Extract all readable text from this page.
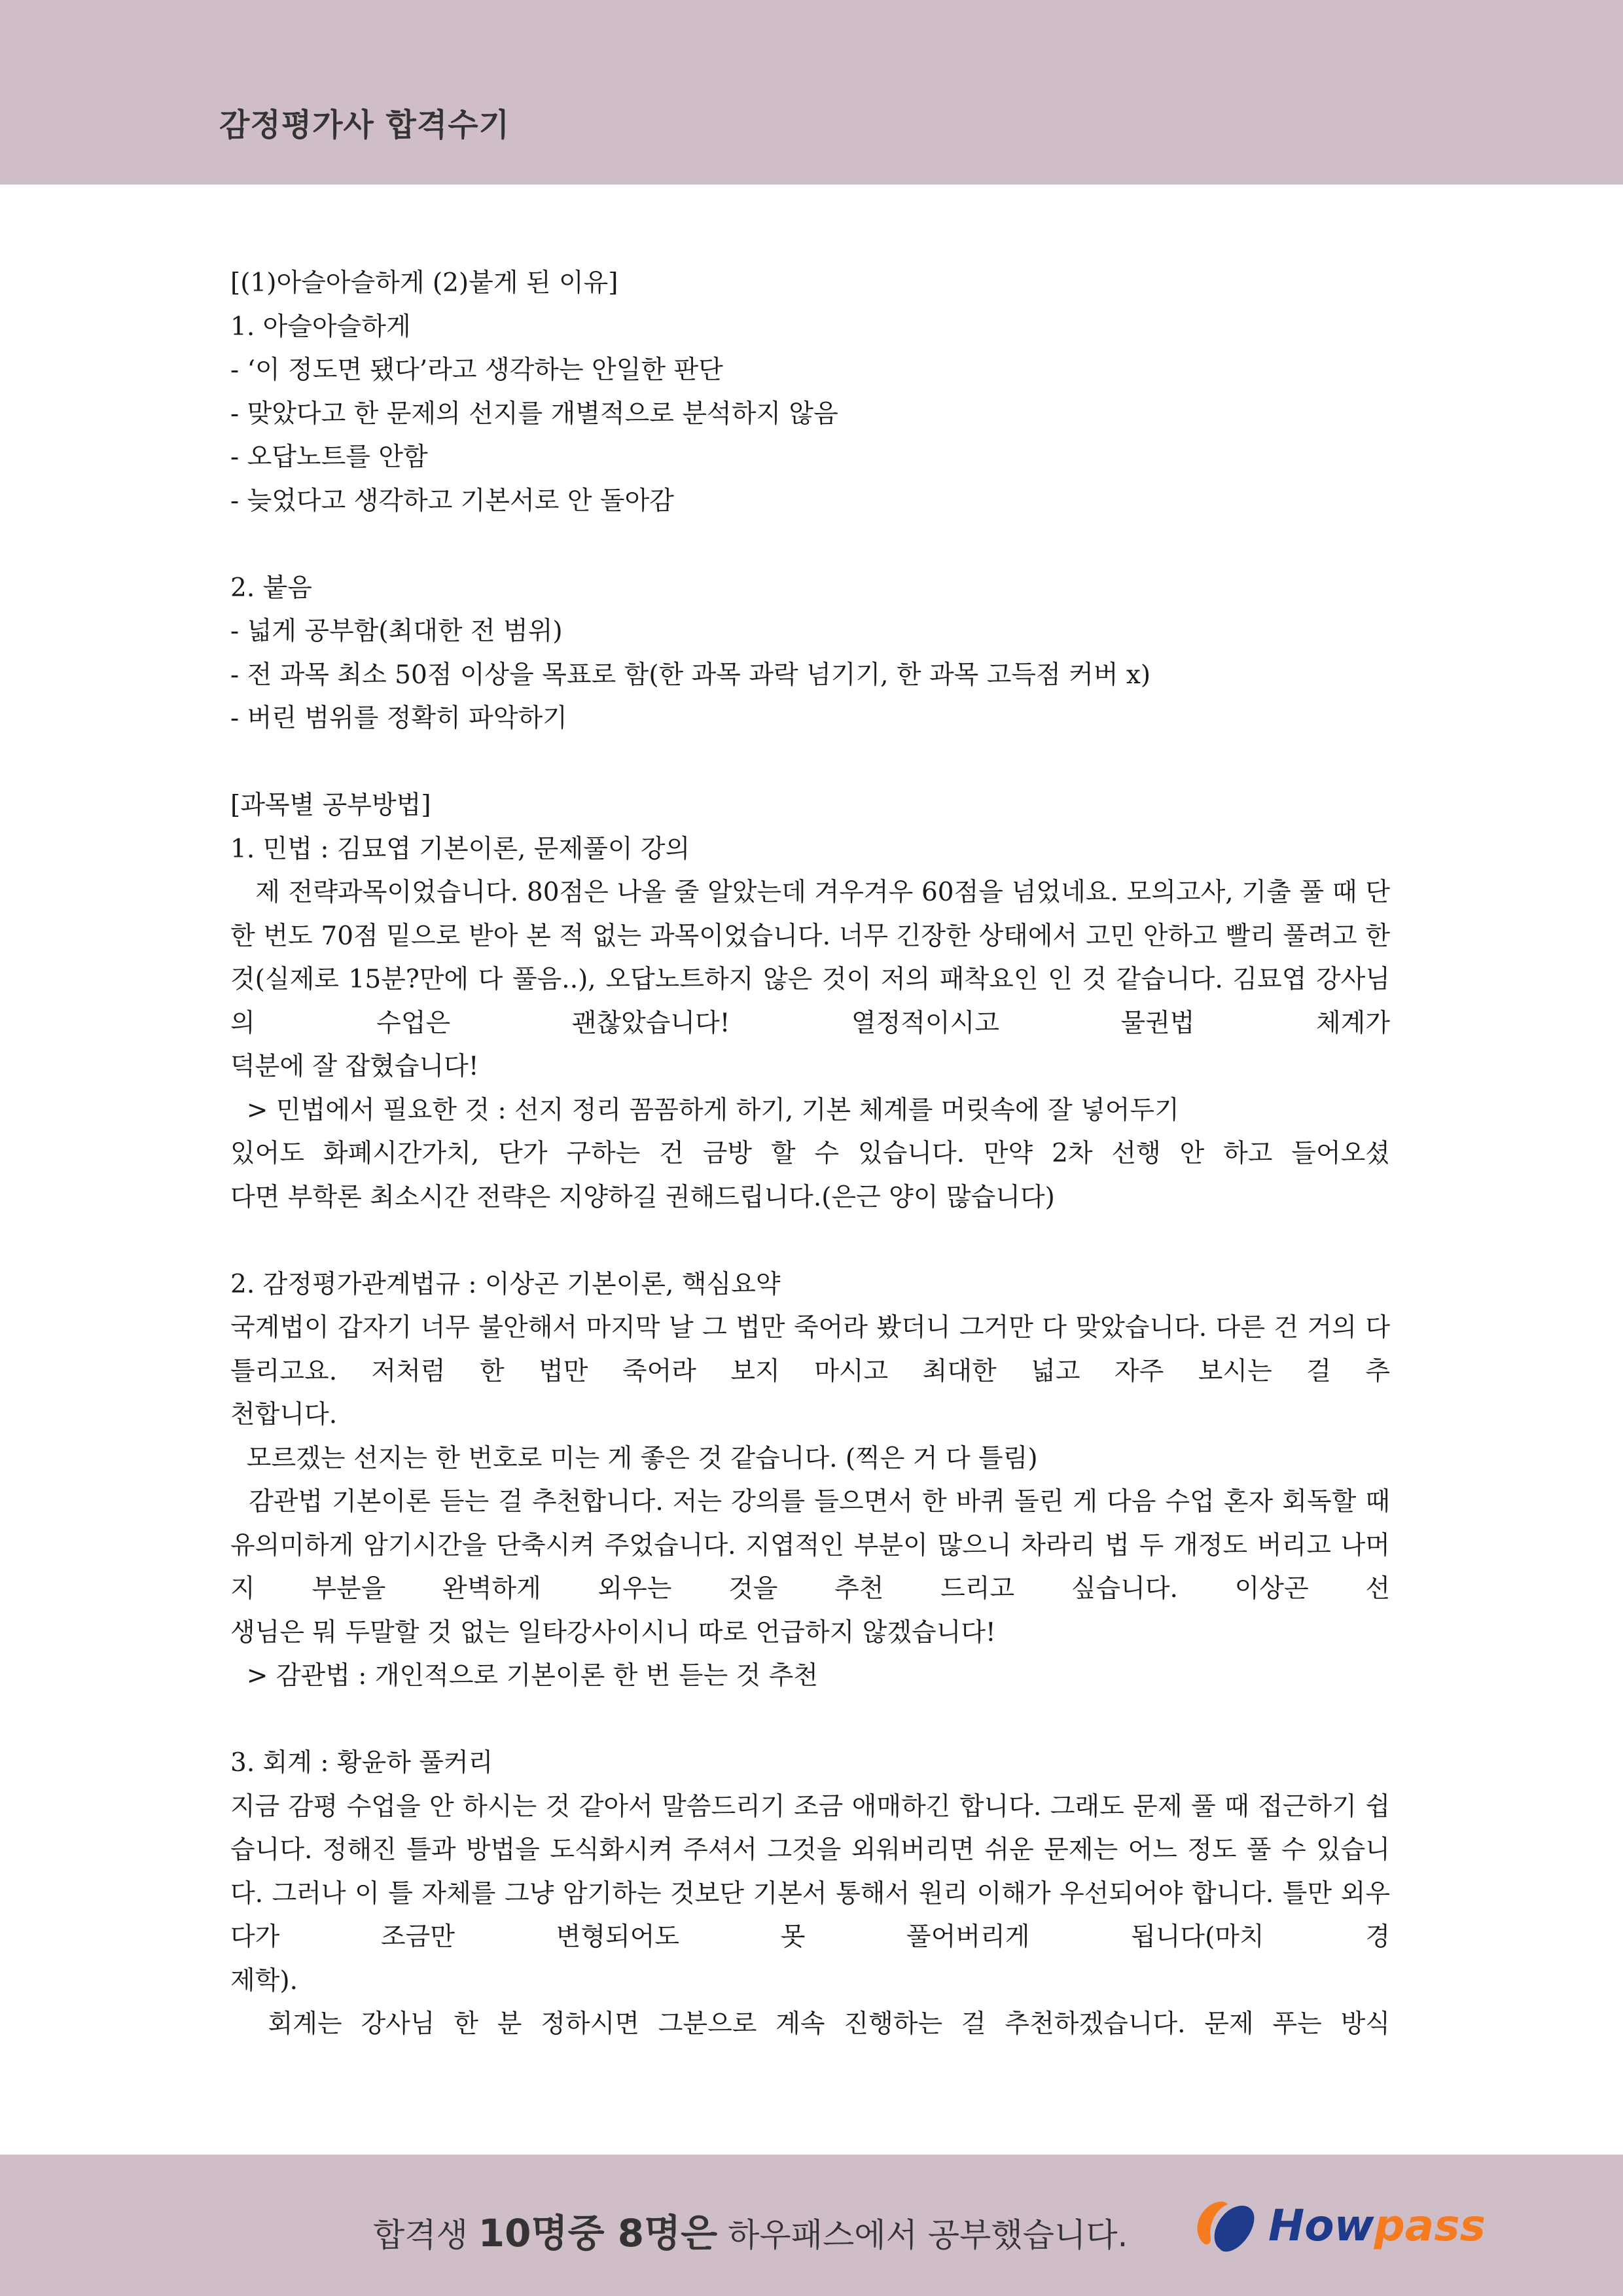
감정평가사 합격수기
[(1)아슬아슬하게 (2)붙게 된 이유]
1. 아슬아슬하게
- ‘이 정도면 됐다’라고 생각하는 안일한 판단
- 맞았다고 한 문제의 선지를 개별적으로 분석하지 않음
- 오답노트를 안함
- 늦었다고 생각하고 기본서로 안 돌아감
2. 붙음
- 넓게 공부함(최대한 전 범위)
- 전 과목 최소 50점 이상을 목표로 함(한 과목 과락 넘기기, 한 과목 고득점 커버 x)
- 버린 범위를 정확히 파악하기
[과목별 공부방법]
1. 민법 : 김묘엽 기본이론, 문제풀이 강의
제 전략과목이었습니다. 80점은 나올 줄 알았는데 겨우겨우 60점을 넘었네요. 모의고사, 기출 풀 때 단 한 번도 70점 밑으로 받아 본 적 없는 과목이었습니다. 너무 긴장한 상태에서 고민 안하고 빨리 풀려고 한 것(실제로 15분?만에 다 풀음..), 오답노트하지 않은 것이 저의 패착요인 인 것 같습니다. 김묘엽 강사님의 수업은 괜찮았습니다! 열정적이시고 물권법 체계가
덕분에 잘 잡혔습니다!
> 민법에서 필요한 것 : 선지 정리 꼼꼼하게 하기, 기본 체계를 머릿속에 잘 넣어두기
있어도 화폐시간가치, 단가 구하는 건 금방 할 수 있습니다. 만약 2차 선행 안 하고 들어오셨
다면 부학론 최소시간 전략은 지양하길 권해드립니다.(은근 양이 많습니다)
2. 감정평가관계법규 : 이상곤 기본이론, 핵심요약
국계법이 갑자기 너무 불안해서 마지막 날 그 법만 죽어라 봤더니 그거만 다 맞았습니다. 다른 건 거의 다 틀리고요. 저처럼 한 법만 죽어라 보지 마시고 최대한 넓고 자주 보시는 걸 추
천합니다.
모르겠는 선지는 한 번호로 미는 게 좋은 것 같습니다. (찍은 거 다 틀림)
감관법 기본이론 듣는 걸 추천합니다. 저는 강의를 들으면서 한 바퀴 돌린 게 다음 수업 혼자 회독할 때 유의미하게 암기시간을 단축시켜 주었습니다. 지엽적인 부분이 많으니 차라리 법 두 개정도 버리고 나머지 부분을 완벽하게 외우는 것을 추천 드리고 싶습니다. 이상곤 선
생님은 뭐 두말할 것 없는 일타강사이시니 따로 언급하지 않겠습니다!
> 감관법 : 개인적으로 기본이론 한 번 듣는 것 추천
3. 회계 : 황윤하 풀커리
지금 감평 수업을 안 하시는 것 같아서 말씀드리기 조금 애매하긴 합니다. 그래도 문제 풀 때 접근하기 쉽습니다. 정해진 틀과 방법을 도식화시켜 주셔서 그것을 외워버리면 쉬운 문제는 어느 정도 풀 수 있습니다. 그러나 이 틀 자체를 그냥 암기하는 것보단 기본서 통해서 원리 이해가 우선되어야 합니다. 틀만 외우다가 조금만 변형되어도 못 풀어버리게 됩니다(마치 경
제학).
회계는 강사님 한 분 정하시면 그분으로 계속 진행하는 걸 추천하겠습니다. 문제 푸는 방식
합격생 10명중 8명은 하우패스에서 공부했습니다.	Howpass
